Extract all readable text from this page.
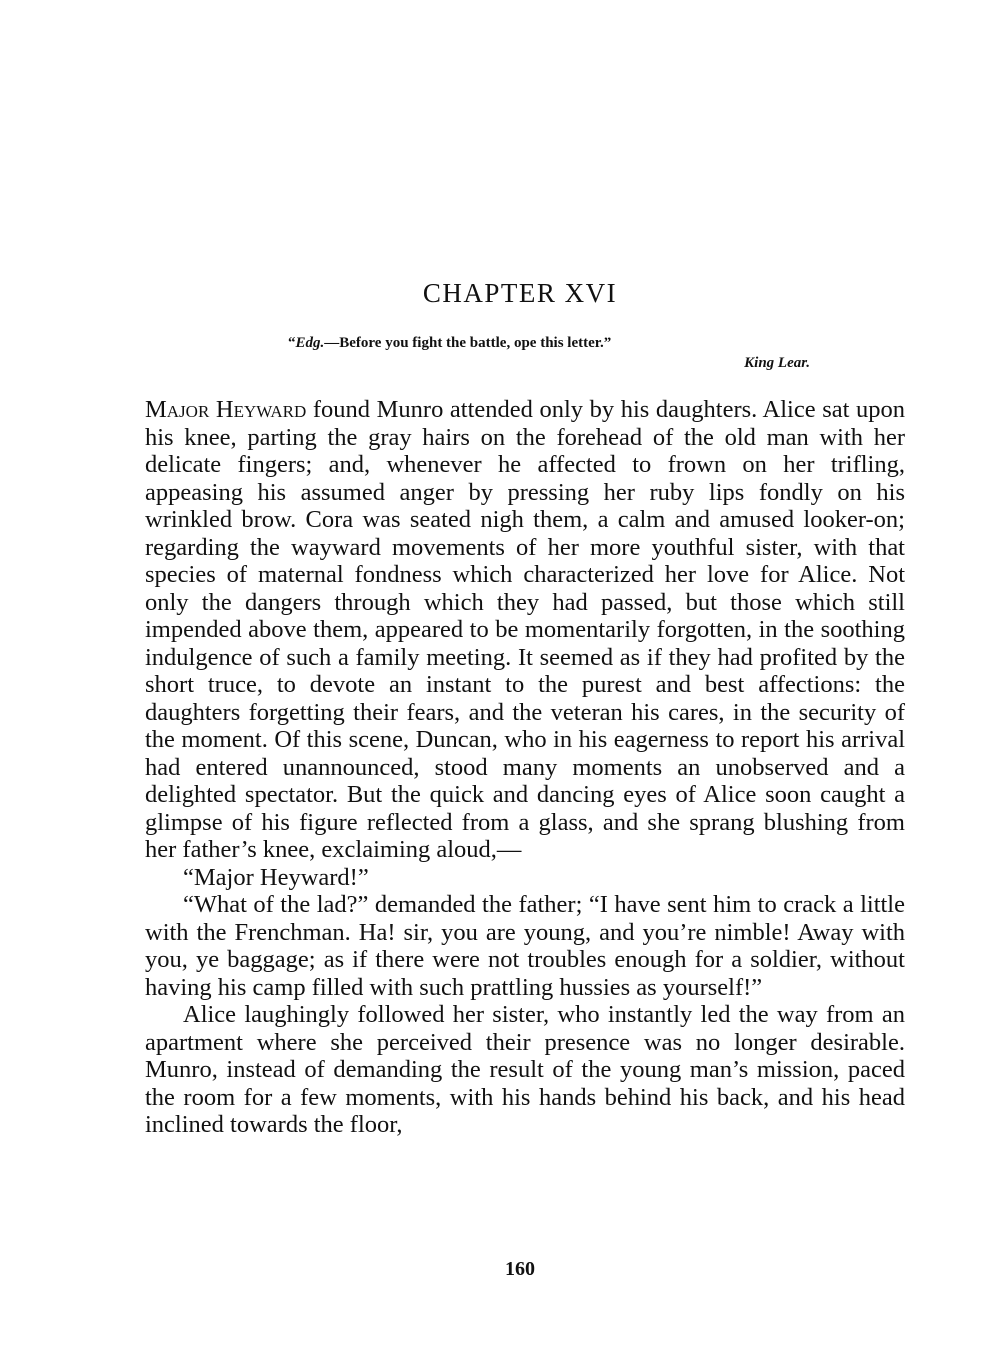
CHAPTER XVI
“Edg.—Before you fight the battle, ope this letter.”
King Lear.

Major Heyward found Munro attended only by his daughters. Alice sat upon his knee, parting the gray hairs on the forehead of the old man with her delicate fingers; and, whenever he affected to frown on her trifling, appeasing his assumed anger by pressing her ruby lips fondly on his wrinkled brow. Cora was seated nigh them, a calm and amused looker-on; regarding the wayward movements of her more youthful sister, with that species of maternal fondness which characterized her love for Alice. Not only the dangers through which they had passed, but those which still impended above them, appeared to be momentarily forgotten, in the soothing indulgence of such a family meeting. It seemed as if they had profited by the short truce, to devote an instant to the purest and best affections: the daughters forgetting their fears, and the veteran his cares, in the security of the moment. Of this scene, Duncan, who in his eagerness to report his arrival had entered unannounced, stood many moments an unobserved and a delighted spectator. But the quick and dancing eyes of Alice soon caught a glimpse of his figure reflected from a glass, and she sprang blushing from her father’s knee, exclaiming aloud,—

“Major Heyward!”

“What of the lad?” demanded the father; “I have sent him to crack a little with the Frenchman. Ha! sir, you are young, and you’re nimble! Away with you, ye baggage; as if there were not troubles enough for a soldier, without having his camp filled with such prattling hussies as yourself!”

Alice laughingly followed her sister, who instantly led the way from an apartment where she perceived their presence was no longer desirable. Munro, instead of demanding the result of the young man’s mission, paced the room for a few moments, with his hands behind his back, and his head inclined towards the floor,

160
